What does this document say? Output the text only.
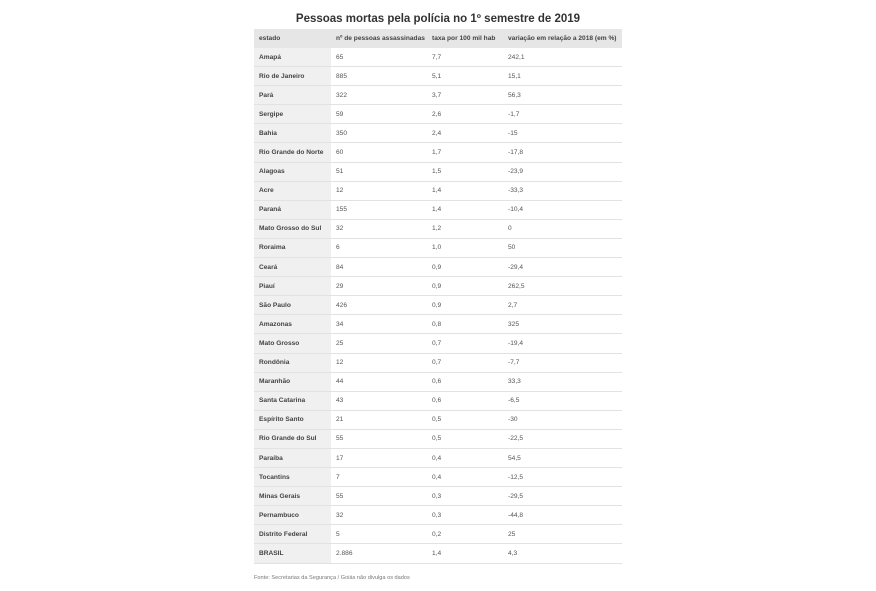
Pessoas mortas pela polícia no 1º semestre de 2019
estado	nº de pessoas assassinadas	taxa por 100 mil hab	variação em relação a 2018 (em %)
Amapá	65	7,7	242,1
Rio de Janeiro	885	5,1	15,1
Pará	322	3,7	56,3
Sergipe	59	2,6	-1,7
Bahia	350	2,4	-15
Rio Grande do Norte	60	1,7	-17,8
Alagoas	51	1,5	-23,9
Acre	12	1,4	-33,3
Paraná	155	1,4	-10,4
Mato Grosso do Sul	32	1,2	0
Roraima	6	1,0	50
Ceará	84	0,9	-29,4
Piauí	29	0,9	262,5
São Paulo	426	0,9	2,7
Amazonas	34	0,8	325
Mato Grosso	25	0,7	-19,4
Rondônia	12	0,7	-7,7
Maranhão	44	0,6	33,3
Santa Catarina	43	0,6	-6,5
Espírito Santo	21	0,5	-30
Rio Grande do Sul	55	0,5	-22,5
Paraíba	17	0,4	54,5
Tocantins	7	0,4	-12,5
Minas Gerais	55	0,3	-29,5
Pernambuco	32	0,3	-44,8
Distrito Federal	5	0,2	25
BRASIL	2.886	1,4	4,3
Fonte: Secretarias da Segurança / Goiás não divulga os dados
